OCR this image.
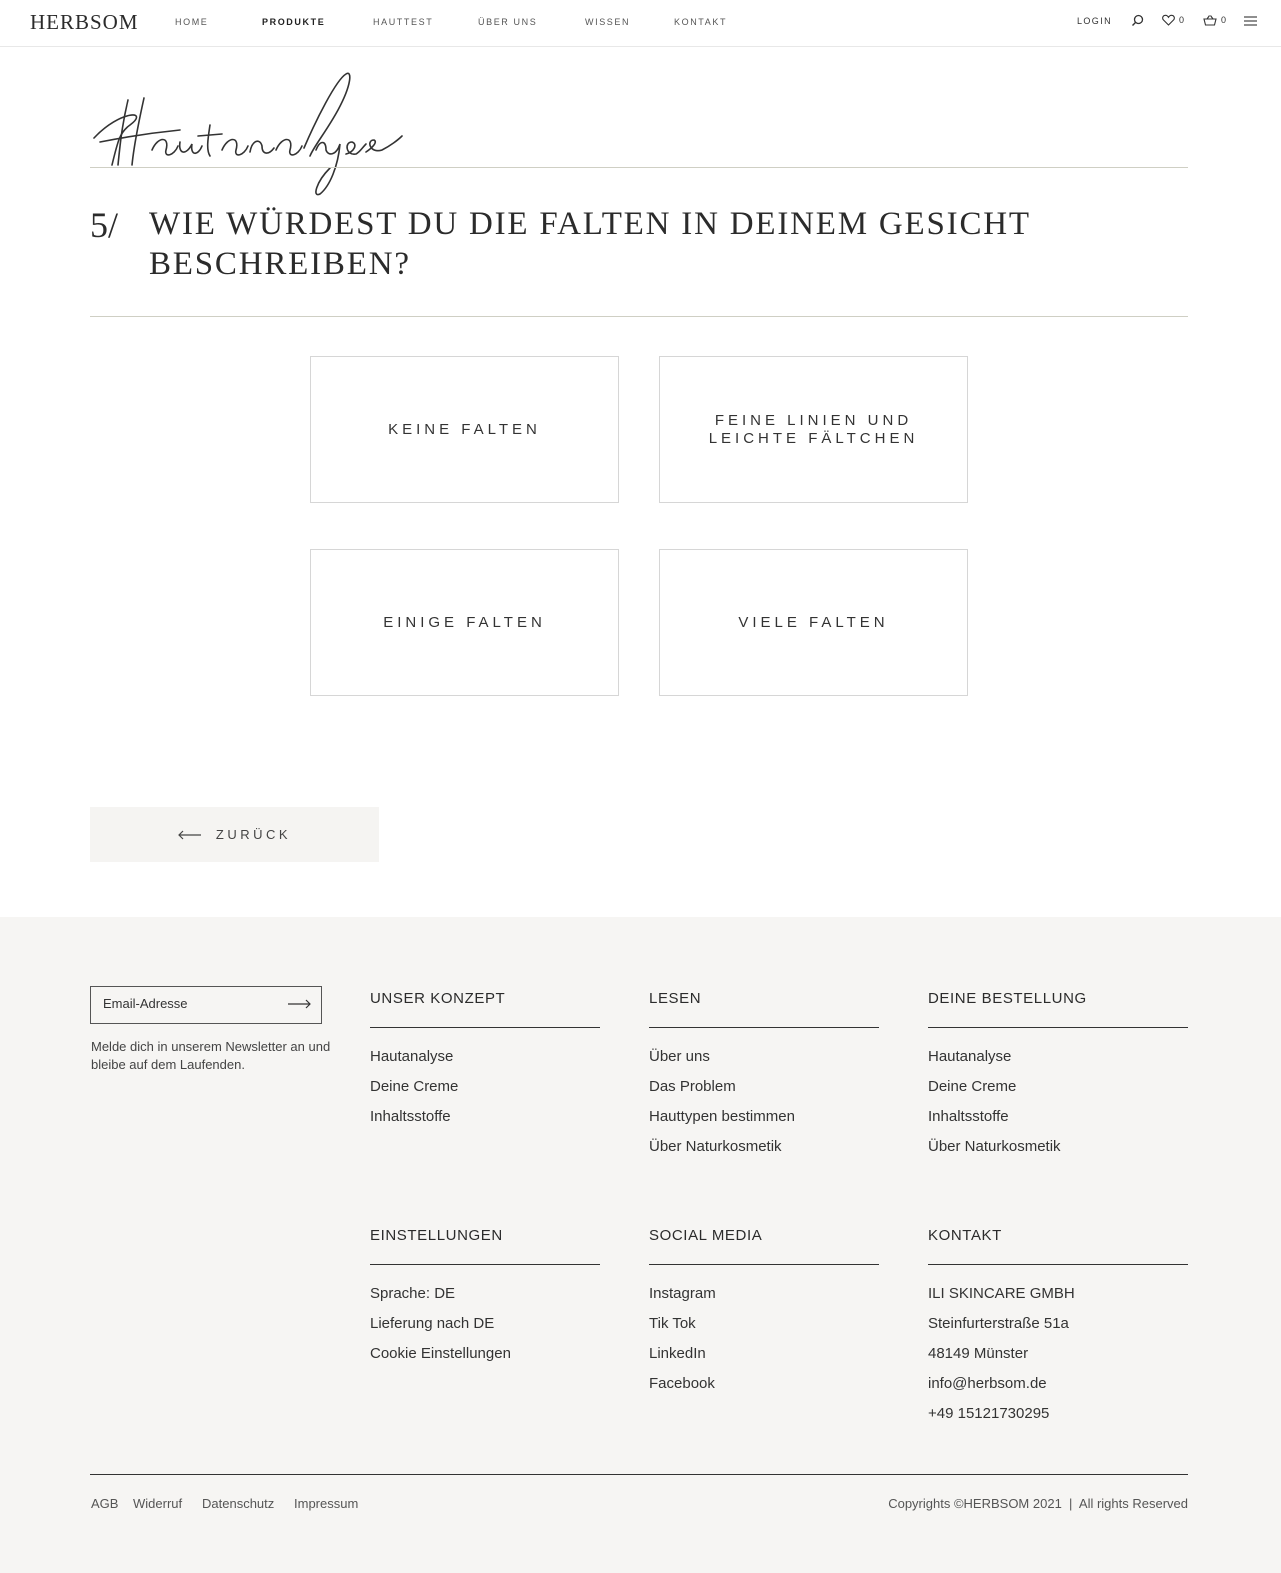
HERBSOM	HOME	PRODUKTE	HAUTTEST	ÜBER UNS	WISSEN	KONTAKT	LOGIN	0	0
5/ WIE WÜRDEST DU DIE FALTEN IN DEINEM GESICHT BESCHREIBEN?
KEINE FALTEN
FEINE LINIEN UND
LEICHTE FÄLTCHEN
EINIGE FALTEN	VIELE FALTEN
ZURÜCK
Email-Adresse
Melde dich in unserem Newsletter an und bleibe auf dem Laufenden.
UNSER KONZEPT
Hautanalyse
Deine Creme
Inhaltsstoffe
LESEN
Über uns
Das Problem
Hauttypen bestimmen
Über Naturkosmetik
DEINE BESTELLUNG
Hautanalyse
Deine Creme
Inhaltsstoffe
Über Naturkosmetik
EINSTELLUNGEN
Sprache: DE
Lieferung nach DE
Cookie Einstellungen
SOCIAL MEDIA
Instagram
Tik Tok
LinkedIn
Facebook
KONTAKT
ILI SKINCARE GMBH
Steinfurterstraße 51a
48149 Münster
info@herbsom.de
+49 15121730295
AGB Widerruf Datenschutz Impressum	Copyrights ©HERBSOM 2021  |  All rights Reserved
